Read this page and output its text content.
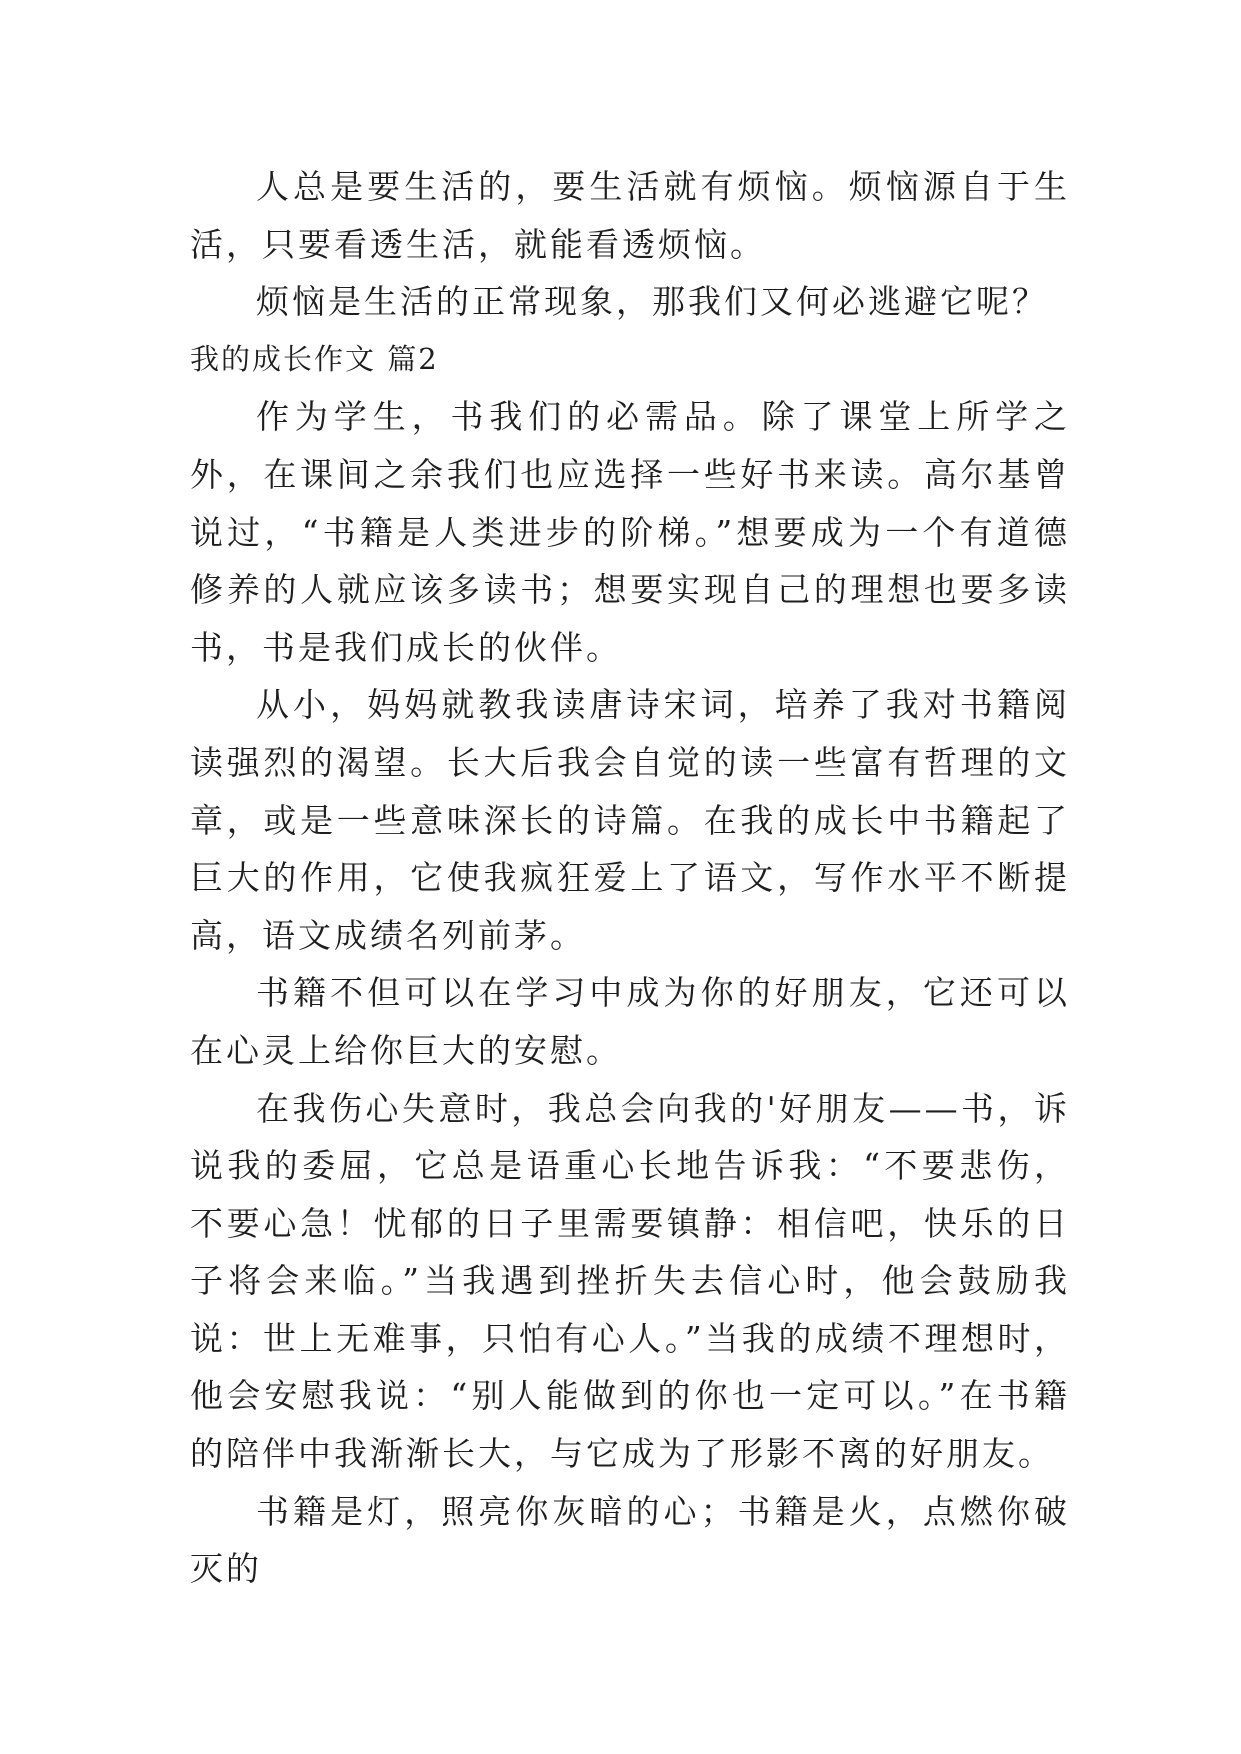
人总是要生活的，要生活就有烦恼。烦恼源自于生活，只要看透生活，就能看透烦恼。

烦恼是生活的正常现象，那我们又何必逃避它呢？

我的成长作文 篇2

作为学生，书我们的必需品。除了课堂上所学之外，在课间之余我们也应选择一些好书来读。高尔基曾说过，“书籍是人类进步的阶梯。”想要成为一个有道德修养的人就应该多读书；想要实现自己的理想也要多读书，书是我们成长的伙伴。

从小，妈妈就教我读唐诗宋词，培养了我对书籍阅读强烈的渴望。长大后我会自觉的读一些富有哲理的文章，或是一些意味深长的诗篇。在我的成长中书籍起了巨大的作用，它使我疯狂爱上了语文，写作水平不断提高，语文成绩名列前茅。

书籍不但可以在学习中成为你的好朋友，它还可以在心灵上给你巨大的安慰。

在我伤心失意时，我总会向我的'好朋友——书，诉说我的委屈，它总是语重心长地告诉我：“不要悲伤，不要心急！忧郁的日子里需要镇静：相信吧，快乐的日子将会来临。”当我遇到挫折失去信心时，他会鼓励我说：世上无难事，只怕有心人。”当我的成绩不理想时，他会安慰我说：“别人能做到的你也一定可以。”在书籍的陪伴中我渐渐长大，与它成为了形影不离的好朋友。

书籍是灯，照亮你灰暗的心；书籍是火，点燃你破灭的
